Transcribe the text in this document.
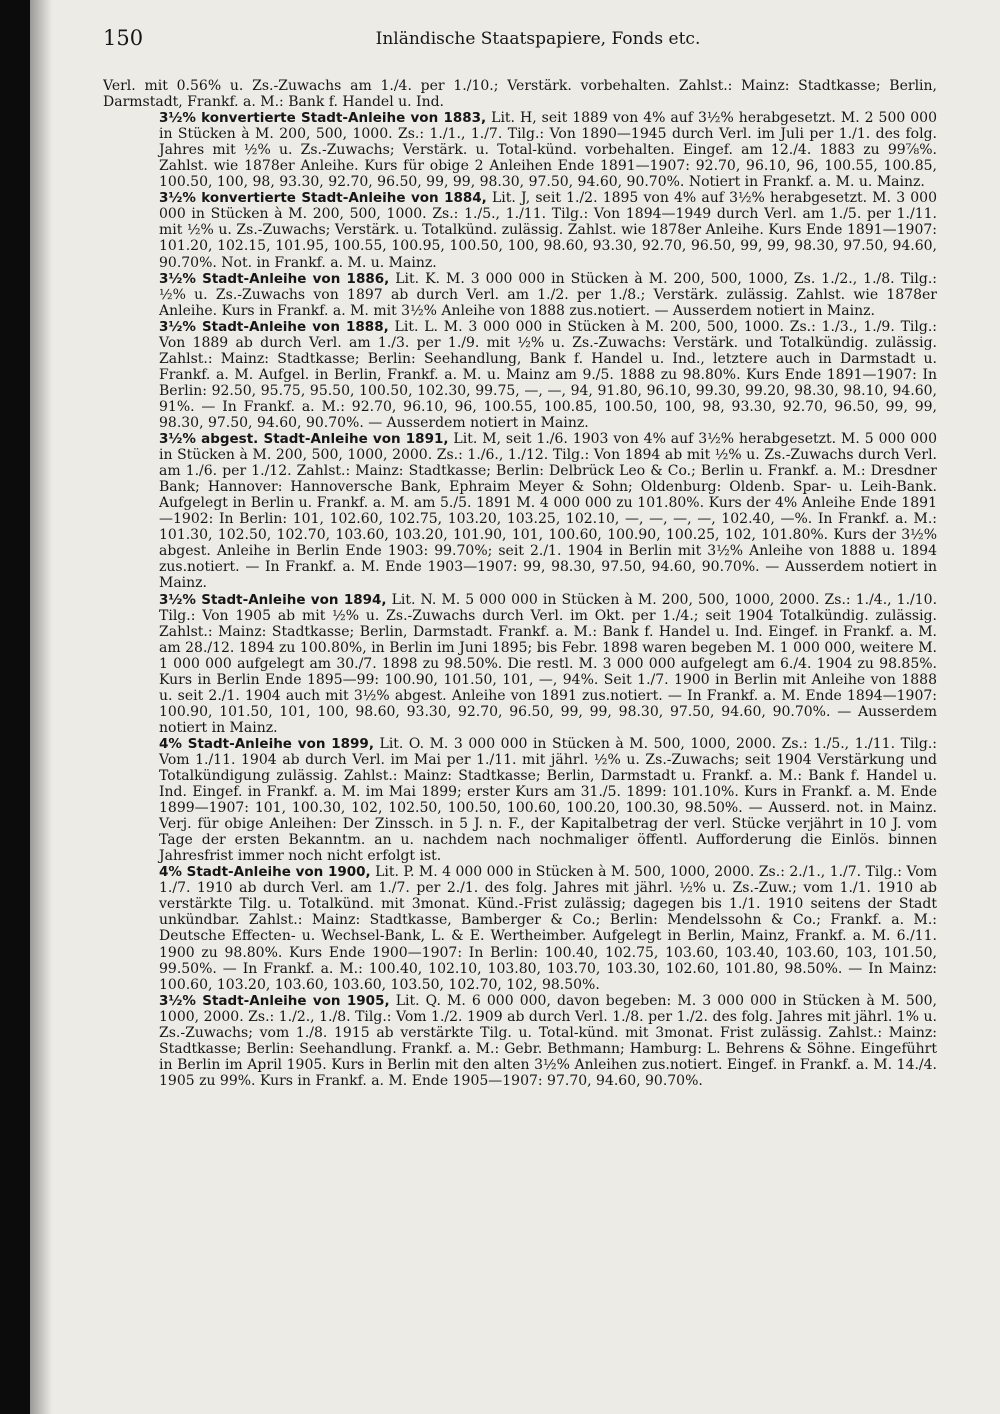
150	Inländische Staatspapiere, Fonds etc.

Verl. mit 0.56% u. Zs.-Zuwachs am 1./4. per 1./10.; Verstärk. vorbehalten. Zahlst.: Mainz: Stadtkasse; Berlin, Darmstadt, Frankf. a. M.: Bank f. Handel u. Ind.

3½% konvertierte Stadt-Anleihe von 1883, Lit. H, seit 1889 von 4% auf 3½% herabgesetzt. M. 2 500 000 in Stücken à M. 200, 500, 1000. Zs.: 1./1., 1./7. Tilg.: Von 1890—1945 durch Verl. im Juli per 1./1. des folg. Jahres mit ½% u. Zs.-Zuwachs; Verstärk. u. Total-künd. vorbehalten. Eingef. am 12./4. 1883 zu 99⅞%. Zahlst. wie 1878er Anleihe. Kurs für obige 2 Anleihen Ende 1891—1907: 92.70, 96.10, 96, 100.55, 100.85, 100.50, 100, 98, 93.30, 92.70, 96.50, 99, 99, 98.30, 97.50, 94.60, 90.70%. Notiert in Frankf. a. M. u. Mainz.

3½% konvertierte Stadt-Anleihe von 1884, Lit. J, seit 1./2. 1895 von 4% auf 3½% herabgesetzt. M. 3 000 000 in Stücken à M. 200, 500, 1000. Zs.: 1./5., 1./11. Tilg.: Von 1894—1949 durch Verl. am 1./5. per 1./11. mit ½% u. Zs.-Zuwachs; Verstärk. u. Totalkünd. zulässig. Zahlst. wie 1878er Anleihe. Kurs Ende 1891—1907: 101.20, 102.15, 101.95, 100.55, 100.95, 100.50, 100, 98.60, 93.30, 92.70, 96.50, 99, 99, 98.30, 97.50, 94.60, 90.70%. Not. in Frankf. a. M. u. Mainz.

3½% Stadt-Anleihe von 1886, Lit. K. M. 3 000 000 in Stücken à M. 200, 500, 1000, Zs. 1./2., 1./8. Tilg.: ½% u. Zs.-Zuwachs von 1897 ab durch Verl. am 1./2. per 1./8.; Verstärk. zulässig. Zahlst. wie 1878er Anleihe. Kurs in Frankf. a. M. mit 3½% Anleihe von 1888 zus.notiert. — Ausserdem notiert in Mainz.

3½% Stadt-Anleihe von 1888, Lit. L. M. 3 000 000 in Stücken à M. 200, 500, 1000. Zs.: 1./3., 1./9. Tilg.: Von 1889 ab durch Verl. am 1./3. per 1./9. mit ½% u. Zs.-Zuwachs: Verstärk. und Totalkündig. zulässig. Zahlst.: Mainz: Stadtkasse; Berlin: Seehandlung, Bank f. Handel u. Ind., letztere auch in Darmstadt u. Frankf. a. M. Aufgel. in Berlin, Frankf. a. M. u. Mainz am 9./5. 1888 zu 98.80%. Kurs Ende 1891—1907: In Berlin: 92.50, 95.75, 95.50, 100.50, 102.30, 99.75, —, —, 94, 91.80, 96.10, 99.30, 99.20, 98.30, 98.10, 94.60, 91%. — In Frankf. a. M.: 92.70, 96.10, 96, 100.55, 100.85, 100.50, 100, 98, 93.30, 92.70, 96.50, 99, 99, 98.30, 97.50, 94.60, 90.70%. — Ausserdem notiert in Mainz.

3½% abgest. Stadt-Anleihe von 1891, Lit. M, seit 1./6. 1903 von 4% auf 3½% herabgesetzt. M. 5 000 000 in Stücken à M. 200, 500, 1000, 2000. Zs.: 1./6., 1./12. Tilg.: Von 1894 ab mit ½% u. Zs.-Zuwachs durch Verl. am 1./6. per 1./12. Zahlst.: Mainz: Stadtkasse; Berlin: Delbrück Leo & Co.; Berlin u. Frankf. a. M.: Dresdner Bank; Hannover: Hannoversche Bank, Ephraim Meyer & Sohn; Oldenburg: Oldenb. Spar- u. Leih-Bank. Aufgelegt in Berlin u. Frankf. a. M. am 5./5. 1891 M. 4 000 000 zu 101.80%. Kurs der 4% Anleihe Ende 1891—1902: In Berlin: 101, 102.60, 102.75, 103.20, 103.25, 102.10, —, —, —, —, 102.40, —%. In Frankf. a. M.: 101.30, 102.50, 102.70, 103.60, 103.20, 101.90, 101, 100.60, 100.90, 100.25, 102, 101.80%. Kurs der 3½% abgest. Anleihe in Berlin Ende 1903: 99.70%; seit 2./1. 1904 in Berlin mit 3½% Anleihe von 1888 u. 1894 zus.notiert. — In Frankf. a. M. Ende 1903—1907: 99, 98.30, 97.50, 94.60, 90.70%. — Ausserdem notiert in Mainz.

3½% Stadt-Anleihe von 1894, Lit. N. M. 5 000 000 in Stücken à M. 200, 500, 1000, 2000. Zs.: 1./4., 1./10. Tilg.: Von 1905 ab mit ½% u. Zs.-Zuwachs durch Verl. im Okt. per 1./4.; seit 1904 Totalkündig. zulässig. Zahlst.: Mainz: Stadtkasse; Berlin, Darmstadt. Frankf. a. M.: Bank f. Handel u. Ind. Eingef. in Frankf. a. M. am 28./12. 1894 zu 100.80%, in Berlin im Juni 1895; bis Febr. 1898 waren begeben M. 1 000 000, weitere M. 1 000 000 aufgelegt am 30./7. 1898 zu 98.50%. Die restl. M. 3 000 000 aufgelegt am 6./4. 1904 zu 98.85%. Kurs in Berlin Ende 1895—99: 100.90, 101.50, 101, —, 94%. Seit 1./7. 1900 in Berlin mit Anleihe von 1888 u. seit 2./1. 1904 auch mit 3½% abgest. Anleihe von 1891 zus.notiert. — In Frankf. a. M. Ende 1894—1907: 100.90, 101.50, 101, 100, 98.60, 93.30, 92.70, 96.50, 99, 99, 98.30, 97.50, 94.60, 90.70%. — Ausserdem notiert in Mainz.

4% Stadt-Anleihe von 1899, Lit. O. M. 3 000 000 in Stücken à M. 500, 1000, 2000. Zs.: 1./5., 1./11. Tilg.: Vom 1./11. 1904 ab durch Verl. im Mai per 1./11. mit jährl. ½% u. Zs.-Zuwachs; seit 1904 Verstärkung und Totalkündigung zulässig. Zahlst.: Mainz: Stadtkasse; Berlin, Darmstadt u. Frankf. a. M.: Bank f. Handel u. Ind. Eingef. in Frankf. a. M. im Mai 1899; erster Kurs am 31./5. 1899: 101.10%. Kurs in Frankf. a. M. Ende 1899—1907: 101, 100.30, 102, 102.50, 100.50, 100.60, 100.20, 100.30, 98.50%. — Ausserd. not. in Mainz. Verj. für obige Anleihen: Der Zinssch. in 5 J. n. F., der Kapitalbetrag der verl. Stücke verjährt in 10 J. vom Tage der ersten Bekanntm. an u. nachdem nach nochmaliger öffentl. Aufforderung die Einlös. binnen Jahresfrist immer noch nicht erfolgt ist.

4% Stadt-Anleihe von 1900, Lit. P. M. 4 000 000 in Stücken à M. 500, 1000, 2000. Zs.: 2./1., 1./7. Tilg.: Vom 1./7. 1910 ab durch Verl. am 1./7. per 2./1. des folg. Jahres mit jährl. ½% u. Zs.-Zuw.; vom 1./1. 1910 ab verstärkte Tilg. u. Totalkünd. mit 3monat. Künd.-Frist zulässig; dagegen bis 1./1. 1910 seitens der Stadt unkündbar. Zahlst.: Mainz: Stadtkasse, Bamberger & Co.; Berlin: Mendelssohn & Co.; Frankf. a. M.: Deutsche Effecten- u. Wechsel-Bank, L. & E. Wertheimber. Aufgelegt in Berlin, Mainz, Frankf. a. M. 6./11. 1900 zu 98.80%. Kurs Ende 1900—1907: In Berlin: 100.40, 102.75, 103.60, 103.40, 103.60, 103, 101.50, 99.50%. — In Frankf. a. M.: 100.40, 102.10, 103.80, 103.70, 103.30, 102.60, 101.80, 98.50%. — In Mainz: 100.60, 103.20, 103.60, 103.60, 103.50, 102.70, 102, 98.50%.

3½% Stadt-Anleihe von 1905, Lit. Q. M. 6 000 000, davon begeben: M. 3 000 000 in Stücken à M. 500, 1000, 2000. Zs.: 1./2., 1./8. Tilg.: Vom 1./2. 1909 ab durch Verl. 1./8. per 1./2. des folg. Jahres mit jährl. 1% u. Zs.-Zuwachs; vom 1./8. 1915 ab verstärkte Tilg. u. Total-künd. mit 3monat. Frist zulässig. Zahlst.: Mainz: Stadtkasse; Berlin: Seehandlung. Frankf. a. M.: Gebr. Bethmann; Hamburg: L. Behrens & Söhne. Eingeführt in Berlin im April 1905. Kurs in Berlin mit den alten 3½% Anleihen zus.notiert. Eingef. in Frankf. a. M. 14./4. 1905 zu 99%. Kurs in Frankf. a. M. Ende 1905—1907: 97.70, 94.60, 90.70%.
